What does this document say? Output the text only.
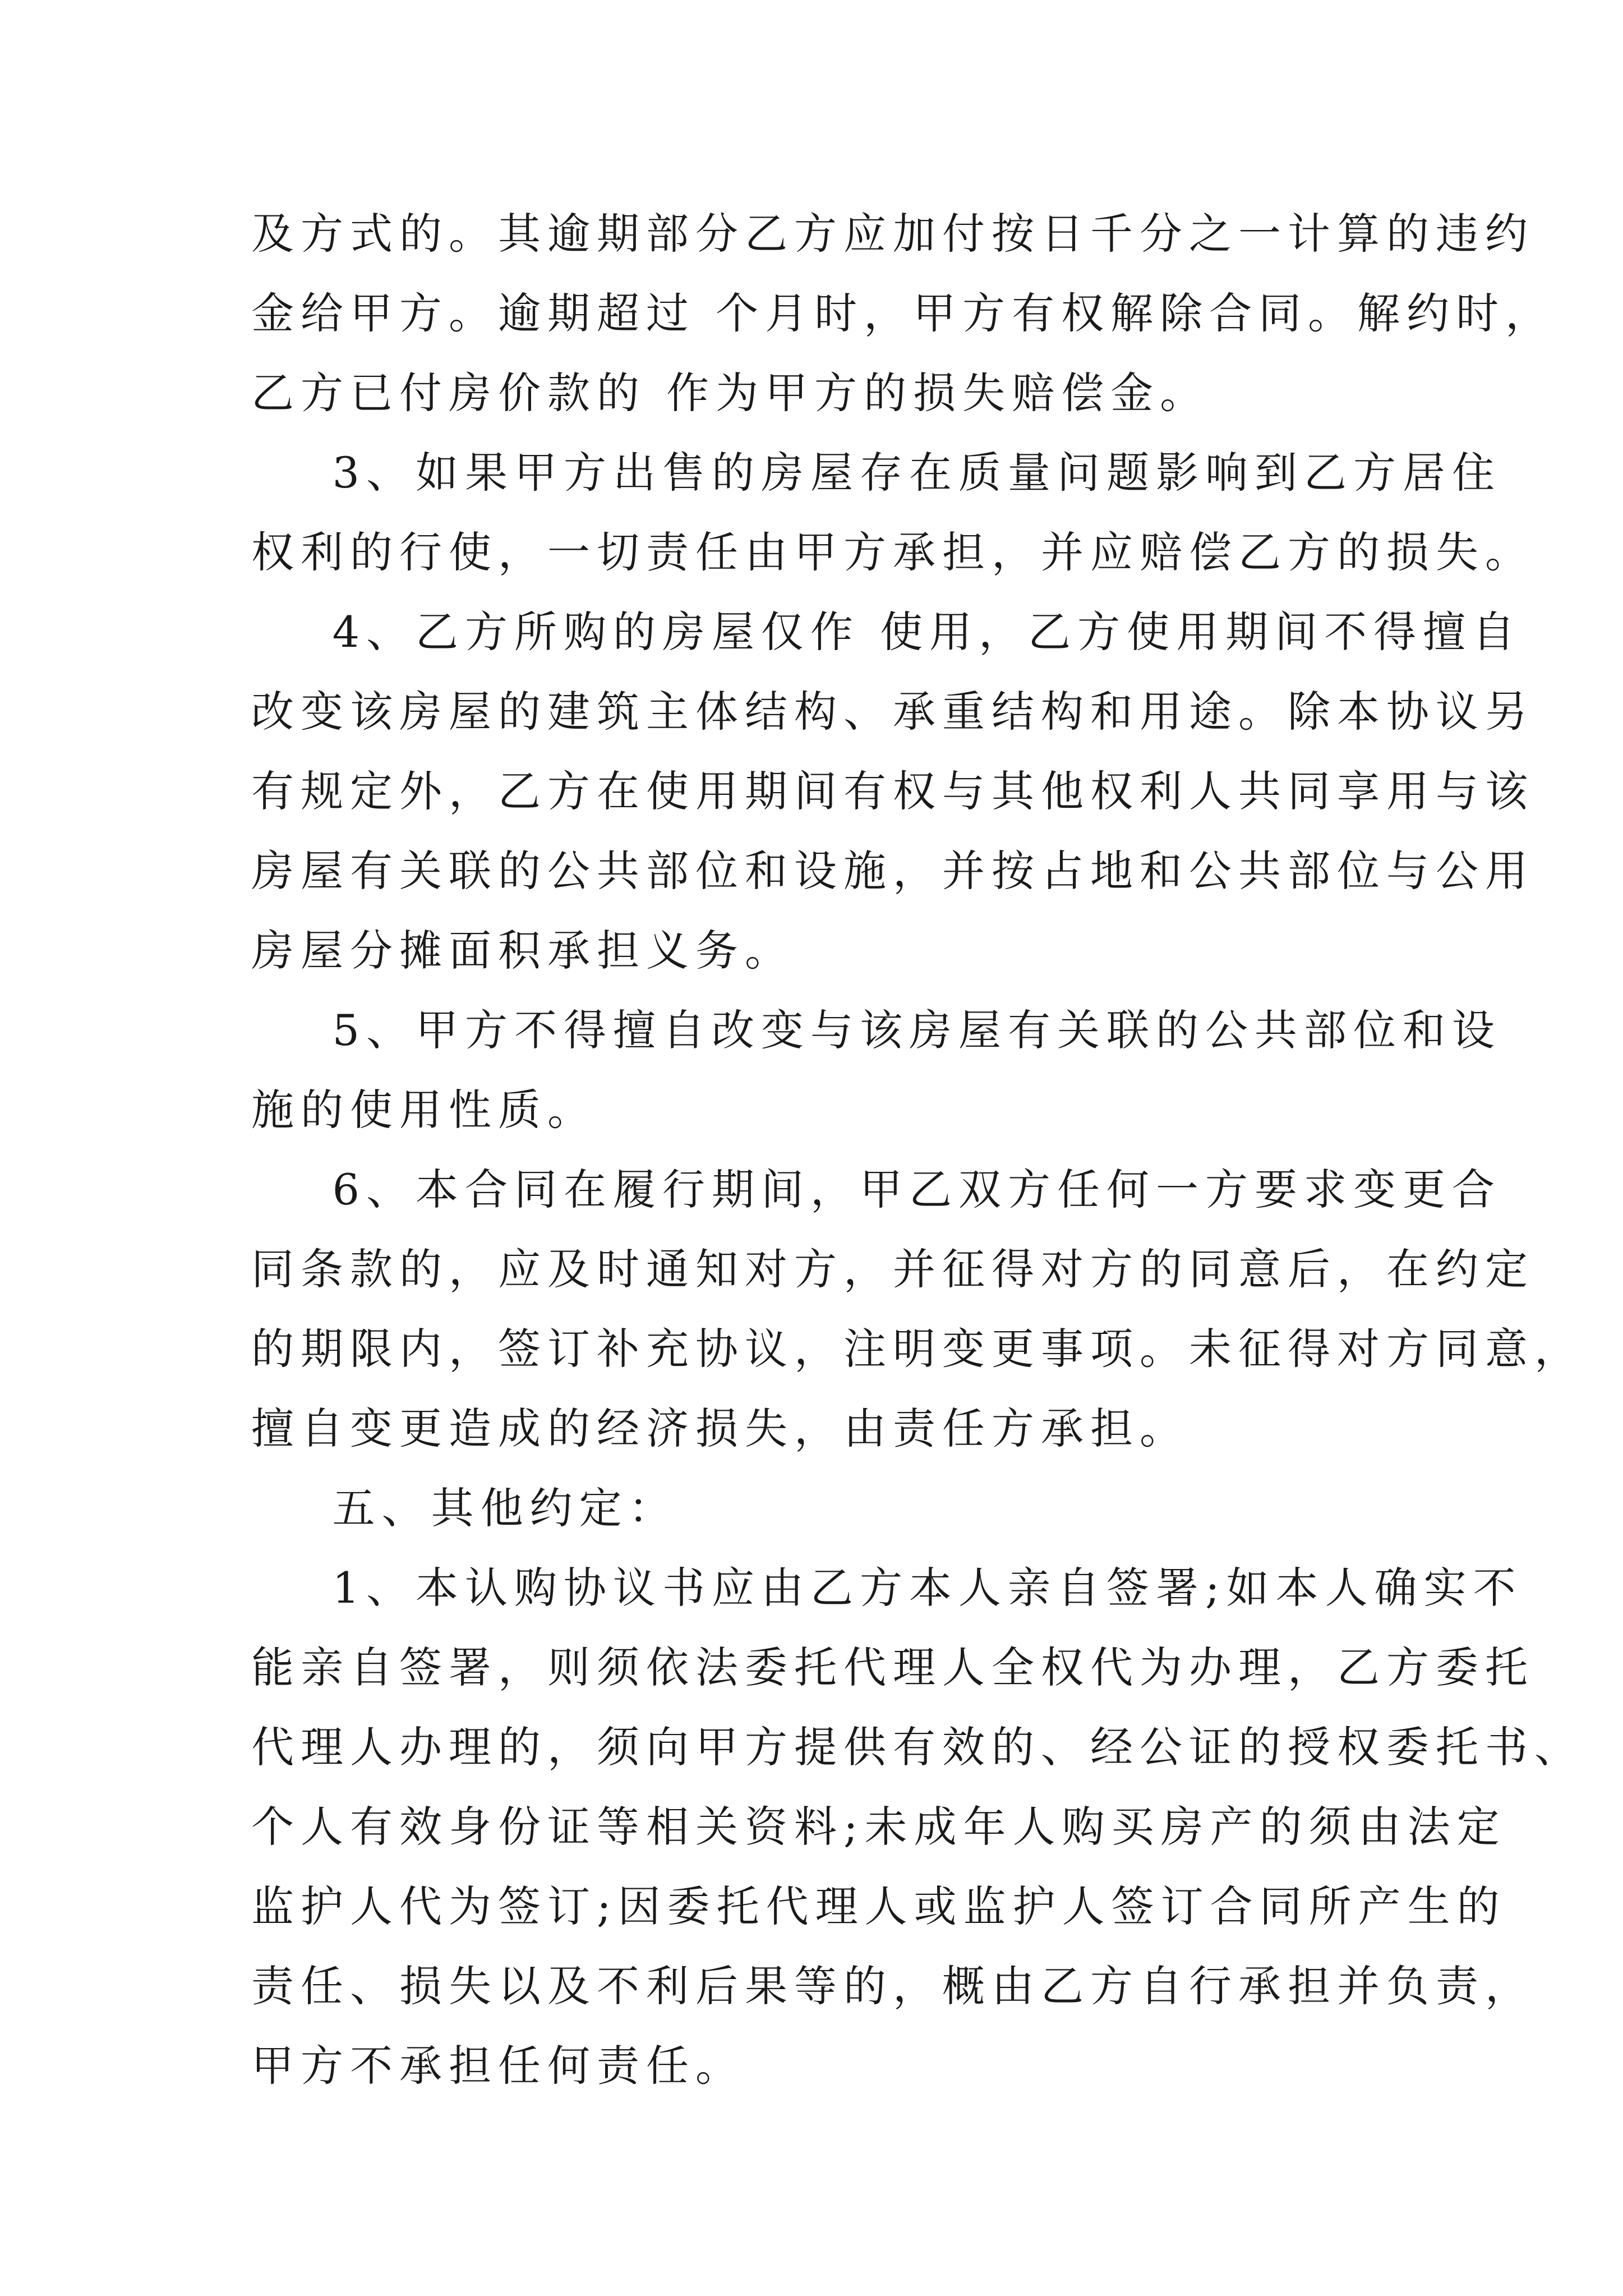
及方式的。其逾期部分乙方应加付按日千分之一计算的违约
金给甲方。逾期超过 个月时，甲方有权解除合同。解约时，
乙方已付房价款的 作为甲方的损失赔偿金。
3、如果甲方出售的房屋存在质量问题影响到乙方居住
权利的行使，一切责任由甲方承担，并应赔偿乙方的损失。
4、乙方所购的房屋仅作 使用，乙方使用期间不得擅自
改变该房屋的建筑主体结构、承重结构和用途。除本协议另
有规定外，乙方在使用期间有权与其他权利人共同享用与该
房屋有关联的公共部位和设施，并按占地和公共部位与公用
房屋分摊面积承担义务。
5、甲方不得擅自改变与该房屋有关联的公共部位和设
施的使用性质。
6、本合同在履行期间，甲乙双方任何一方要求变更合
同条款的，应及时通知对方，并征得对方的同意后，在约定
的期限内，签订补充协议，注明变更事项。未征得对方同意，
擅自变更造成的经济损失，由责任方承担。
五、其他约定：
1、本认购协议书应由乙方本人亲自签署;如本人确实不
能亲自签署，则须依法委托代理人全权代为办理，乙方委托
代理人办理的，须向甲方提供有效的、经公证的授权委托书、
个人有效身份证等相关资料;未成年人购买房产的须由法定
监护人代为签订;因委托代理人或监护人签订合同所产生的
责任、损失以及不利后果等的，概由乙方自行承担并负责，
甲方不承担任何责任。
